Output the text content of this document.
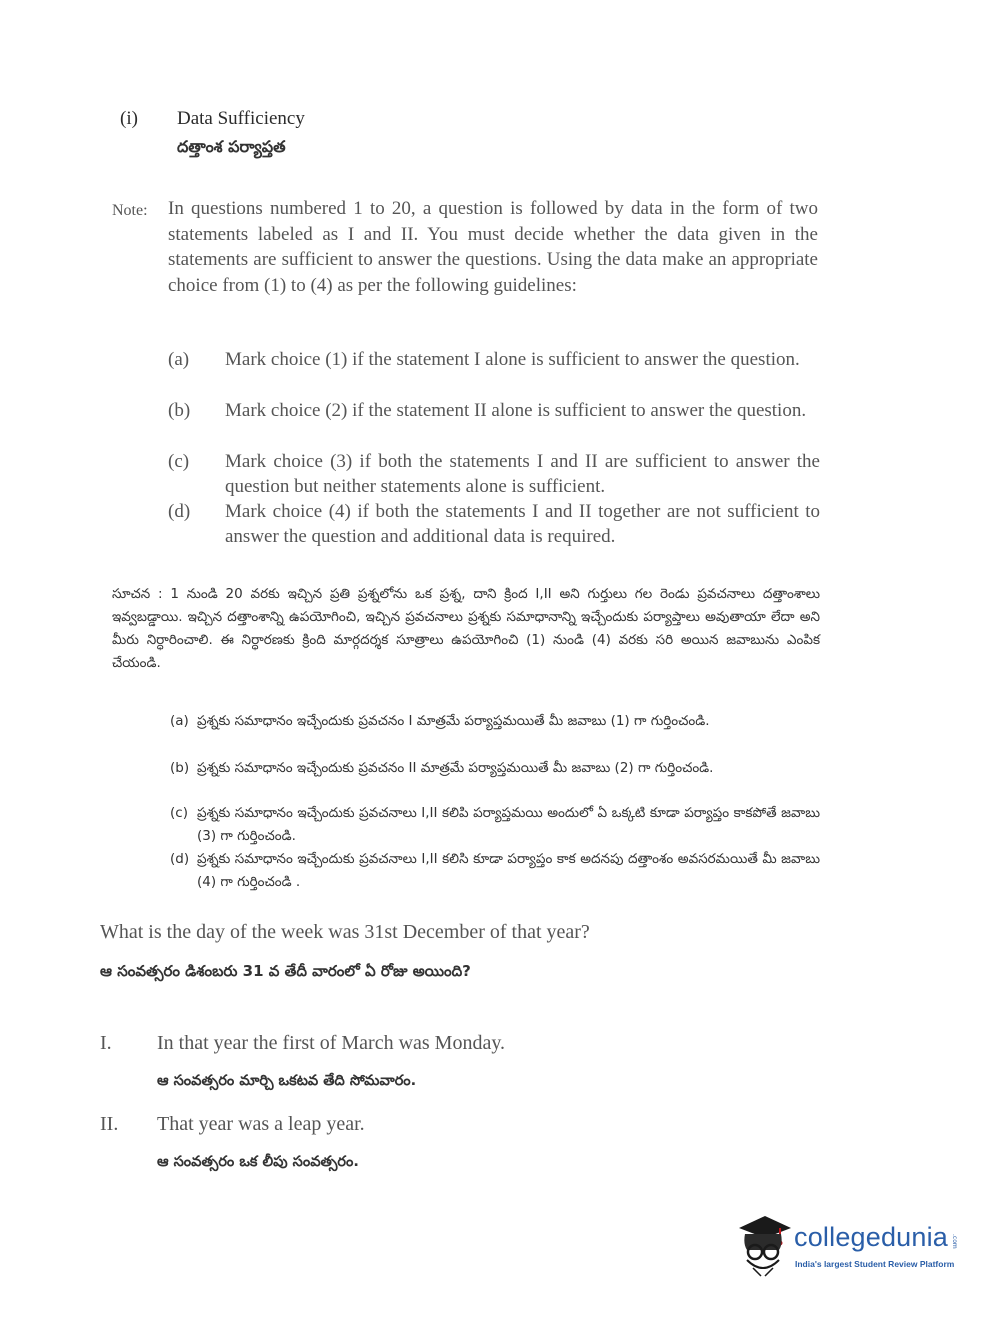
(i) Data Sufficiency
దత్తాంశ పర్యాప్తత
Note: In questions numbered 1 to 20, a question is followed by data in the form of two statements labeled as I and II. You must decide whether the data given in the statements are sufficient to answer the questions. Using the data make an appropriate choice from (1) to (4) as per the following guidelines:
(a) Mark choice (1) if the statement I alone is sufficient to answer the question.
(b) Mark choice (2) if the statement II alone is sufficient to answer the question.
(c) Mark choice (3) if both the statements I and II are sufficient to answer the question but neither statements alone is sufficient.
(d) Mark choice (4) if both the statements I and II together are not sufficient to answer the question and additional data is required.
సూచన : 1 నుండి 20 వరకు ఇచ్చిన ప్రతి ప్రశ్నలోను ఒక ప్రశ్న, దాని క్రింద I,II అని గుర్తులు గల రెండు ప్రవచనాలు దత్తాంశాలు ఇవ్వబడ్డాయి. ఇచ్చిన దత్తాంశాన్ని ఉపయోగించి, ఇచ్చిన ప్రవచనాలు ప్రశ్నకు సమాధానాన్ని ఇచ్చేందుకు పర్యాప్తాలు అవుతాయా లేదా అని మీరు నిర్ధారించాలి. ఈ నిర్ధారణకు క్రింది మార్గదర్శక సూత్రాలు ఉపయోగించి (1) నుండి (4) వరకు సరి అయిన జవాబును ఎంపిక చేయండి.
(a) ప్రశ్నకు సమాధానం ఇచ్చేందుకు ప్రవచనం I మాత్రమే పర్యాప్తమయితే మీ జవాబు (1) గా గుర్తించండి.
(b) ప్రశ్నకు సమాధానం ఇచ్చేందుకు ప్రవచనం II మాత్రమే పర్యాప్తమయితే మీ జవాబు (2) గా గుర్తించండి.
(c) ప్రశ్నకు సమాధానం ఇచ్చేందుకు ప్రవచనాలు I,II కలిపి పర్యాప్తమయి అందులో ఏ ఒక్కటి కూడా పర్యాప్తం కాకపోతే జవాబు (3) గా గుర్తించండి.
(d) ప్రశ్నకు సమాధానం ఇచ్చేందుకు ప్రవచనాలు I,II కలిసి కూడా పర్యాప్తం కాక అదనపు దత్తాంశం అవసరమయితే మీ జవాబు (4) గా గుర్తించండి .
What is the day of the week was 31st December of that year?
ఆ సంవత్సరం డిశంబరు 31 వ తేదీ వారంలో ఏ రోజు అయింది?
I. In that year the first of March was Monday.
ఆ సంవత్సరం మార్చి ఒకటవ తేది సోమవారం.
II. That year was a leap year.
ఆ సంవత్సరం ఒక లీపు సంవత్సరం.
collegedunia .com
India's largest Student Review Platform
